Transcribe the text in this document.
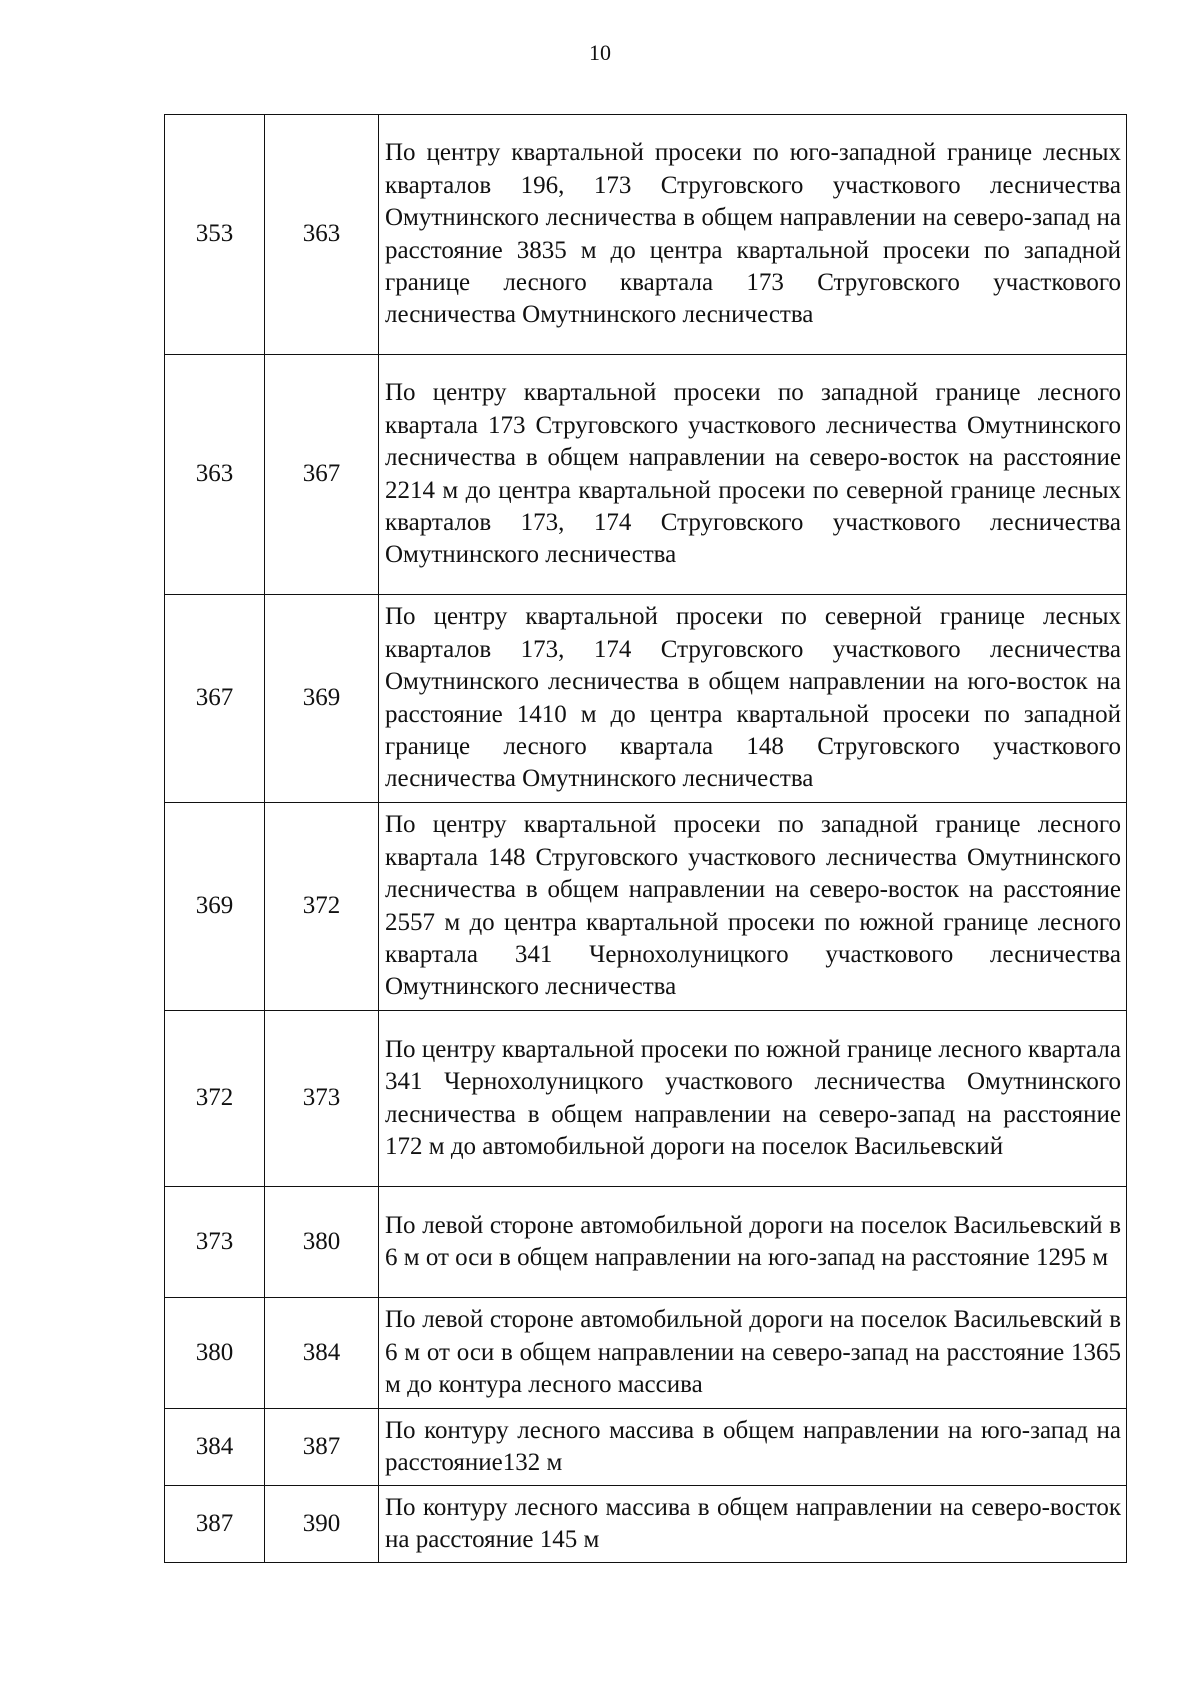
10
353	363	По центру квартальной просеки по юго-западной границе лесных кварталов 196, 173 Струговского участкового лесничества Омутнинского лесничества в общем направлении на северо-запад на расстояние 3835 м до центра квартальной просеки по западной границе лесного квартала 173 Струговского участкового лесничества Омутнинского лесничества
363	367	По центру квартальной просеки по западной границе лесного квартала 173 Струговского участкового лесничества Омутнинского лесничества в общем направлении на северо-восток на расстояние 2214 м до центра квартальной просеки по северной границе лесных кварталов 173, 174 Струговского участкового лесничества Омутнинского лесничества
367	369	По центру квартальной просеки по северной границе лесных кварталов 173, 174 Струговского участкового лесничества Омутнинского лесничества в общем направлении на юго-восток на расстояние 1410 м до центра квартальной просеки по западной границе лесного квартала 148 Струговского участкового лесничества Омутнинского лесничества
369	372	По центру квартальной просеки по западной границе лесного квартала 148 Струговского участкового лесничества Омутнинского лесничества в общем направлении на северо-восток на расстояние 2557 м до центра квартальной просеки по южной границе лесного квартала 341 Чернохолуницкого участкового лесничества Омутнинского лесничества
372	373	По центру квартальной просеки по южной границе лесного квартала 341 Чернохолуницкого участкового лесничества Омутнинского лесничества в общем направлении на северо-запад на расстояние 172 м до автомобильной дороги на поселок Васильевский
373	380	По левой стороне автомобильной дороги на поселок Васильевский в 6 м от оси в общем направлении на юго-запад на расстояние 1295 м
380	384	По левой стороне автомобильной дороги на поселок Васильевский в 6 м от оси в общем направлении на северо-запад на расстояние 1365 м до контура лесного массива
384	387	По контуру лесного массива в общем направлении на юго-запад на расстояние132 м
387	390	По контуру лесного массива в общем направлении на северо-восток на расстояние 145 м
